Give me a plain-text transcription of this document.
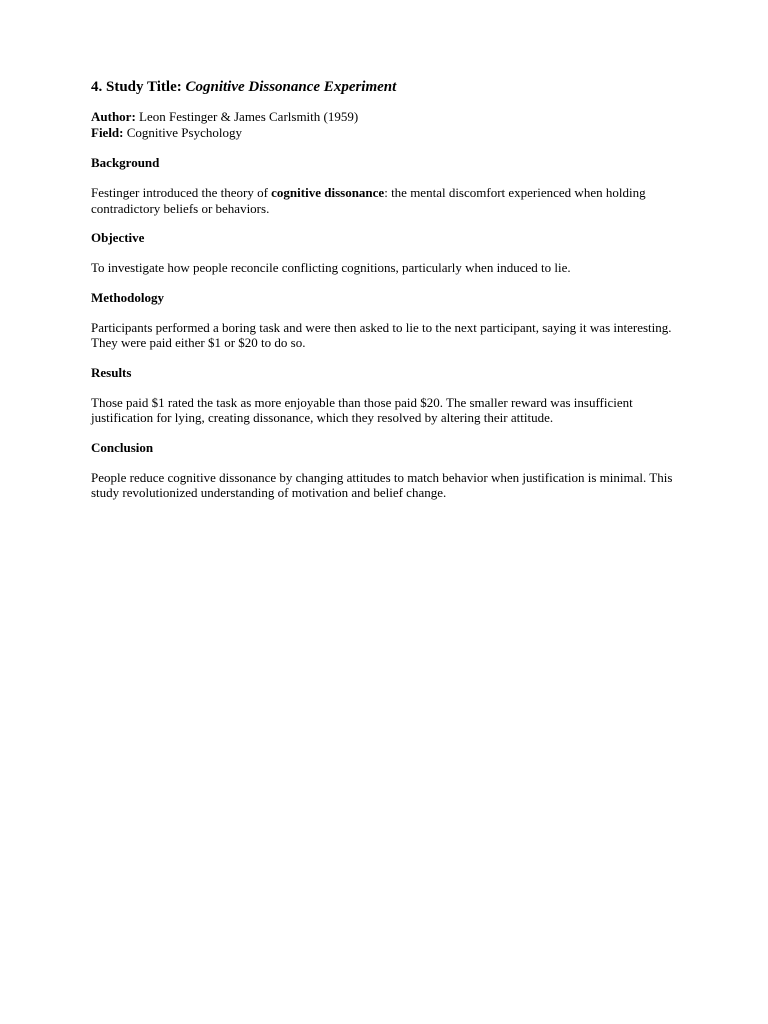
4. Study Title: Cognitive Dissonance Experiment
Author: Leon Festinger & James Carlsmith (1959)
Field: Cognitive Psychology
Background
Festinger introduced the theory of cognitive dissonance: the mental discomfort experienced when holding contradictory beliefs or behaviors.
Objective
To investigate how people reconcile conflicting cognitions, particularly when induced to lie.
Methodology
Participants performed a boring task and were then asked to lie to the next participant, saying it was interesting. They were paid either $1 or $20 to do so.
Results
Those paid $1 rated the task as more enjoyable than those paid $20. The smaller reward was insufficient justification for lying, creating dissonance, which they resolved by altering their attitude.
Conclusion
People reduce cognitive dissonance by changing attitudes to match behavior when justification is minimal. This study revolutionized understanding of motivation and belief change.
